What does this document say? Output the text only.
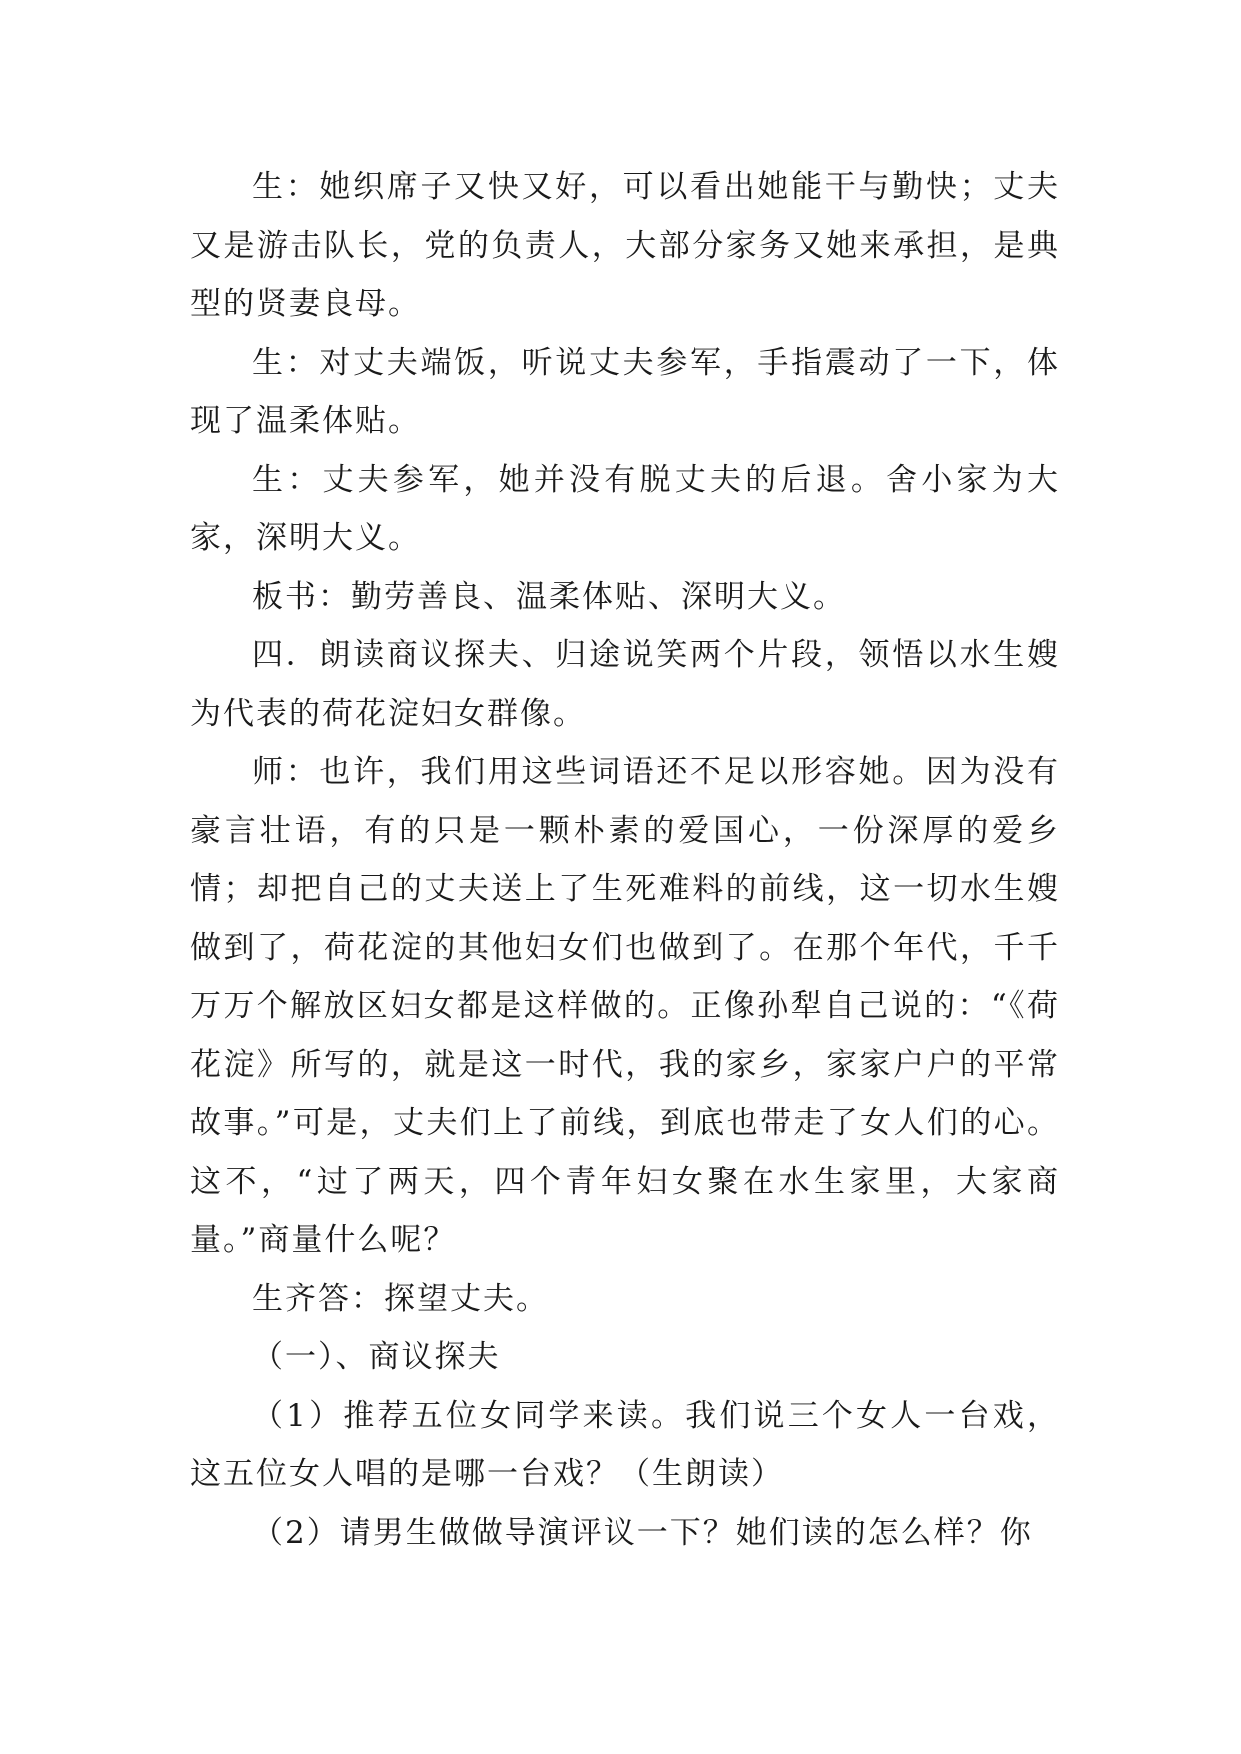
生：她织席子又快又好，可以看出她能干与勤快；丈夫又是游击队长，党的负责人，大部分家务又她来承担，是典型的贤妻良母。

生：对丈夫端饭，听说丈夫参军，手指震动了一下，体现了温柔体贴。

生：丈夫参军，她并没有脱丈夫的后退。舍小家为大家，深明大义。

板书：勤劳善良、温柔体贴、深明大义。

四．朗读商议探夫、归途说笑两个片段，领悟以水生嫂为代表的荷花淀妇女群像。

师：也许，我们用这些词语还不足以形容她。因为没有豪言壮语，有的只是一颗朴素的爱国心，一份深厚的爱乡情；却把自己的丈夫送上了生死难料的前线，这一切水生嫂做到了，荷花淀的其他妇女们也做到了。在那个年代，千千万万个解放区妇女都是这样做的。正像孙犁自己说的：“《荷花淀》所写的，就是这一时代，我的家乡，家家户户的平常故事。”可是，丈夫们上了前线，到底也带走了女人们的心。这不，“过了两天，四个青年妇女聚在水生家里，大家商量。”商量什么呢？

生齐答：探望丈夫。

（一）、商议探夫

（1）推荐五位女同学来读。我们说三个女人一台戏，这五位女人唱的是哪一台戏？（生朗读）

（2）请男生做做导演评议一下？她们读的怎么样？你
